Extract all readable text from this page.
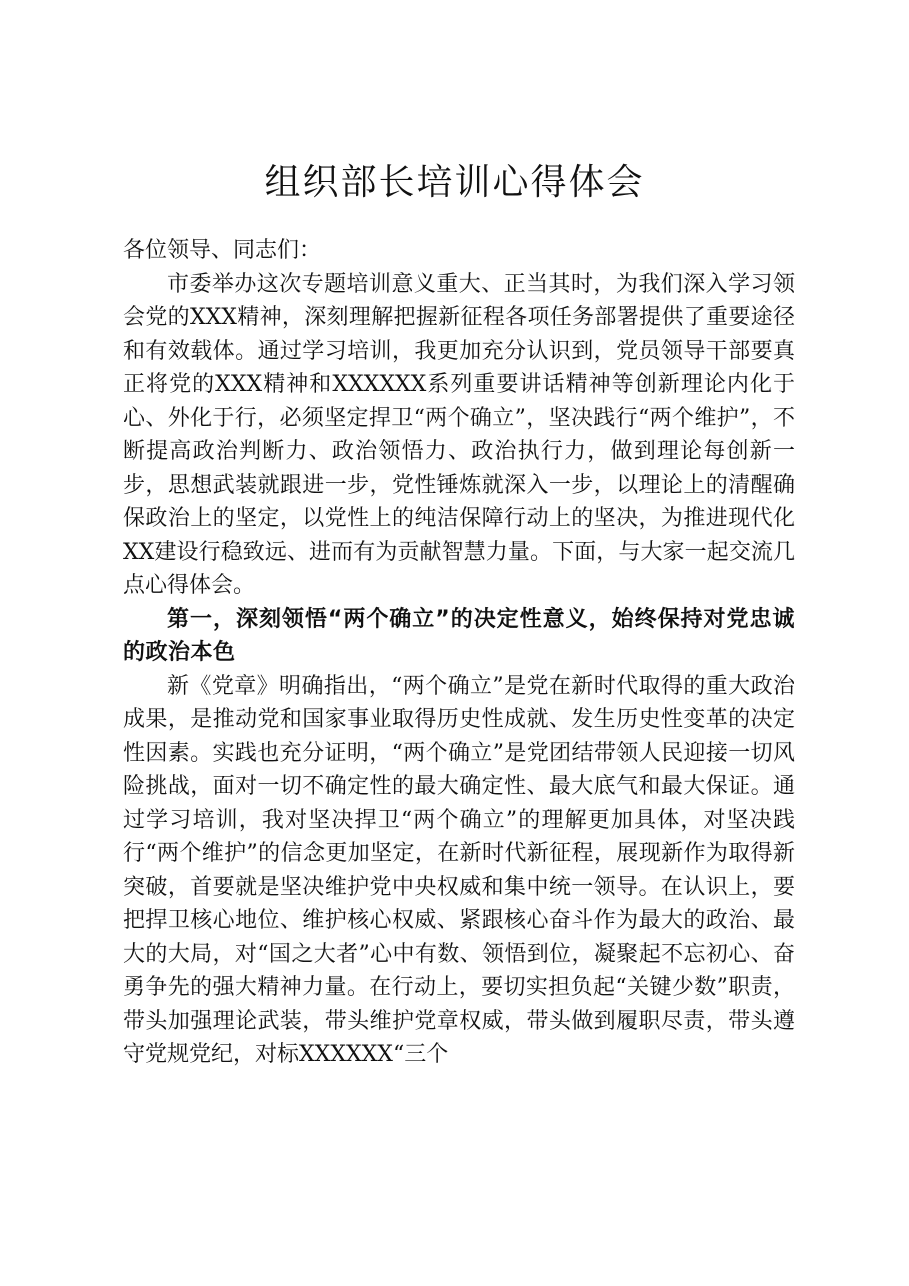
组织部长培训心得体会

各位领导、同志们：

市委举办这次专题培训意义重大、正当其时，为我们深入学习领会党的XXX精神，深刻理解把握新征程各项任务部署提供了重要途径和有效载体。通过学习培训，我更加充分认识到，党员领导干部要真正将党的XXX精神和XXXXXX系列重要讲话精神等创新理论内化于心、外化于行，必须坚定捍卫“两个确立”，坚决践行“两个维护”，不断提高政治判断力、政治领悟力、政治执行力，做到理论每创新一步，思想武装就跟进一步，党性锤炼就深入一步，以理论上的清醒确保政治上的坚定，以党性上的纯洁保障行动上的坚决，为推进现代化XX建设行稳致远、进而有为贡献智慧力量。下面，与大家一起交流几点心得体会。

第一，深刻领悟“两个确立”的决定性意义，始终保持对党忠诚的政治本色

新《党章》明确指出，“两个确立”是党在新时代取得的重大政治成果，是推动党和国家事业取得历史性成就、发生历史性变革的决定性因素。实践也充分证明，“两个确立”是党团结带领人民迎接一切风险挑战，面对一切不确定性的最大确定性、最大底气和最大保证。通过学习培训，我对坚决捍卫“两个确立”的理解更加具体，对坚决践行“两个维护”的信念更加坚定，在新时代新征程，展现新作为取得新突破，首要就是坚决维护党中央权威和集中统一领导。在认识上，要把捍卫核心地位、维护核心权威、紧跟核心奋斗作为最大的政治、最大的大局，对“国之大者”心中有数、领悟到位，凝聚起不忘初心、奋勇争先的强大精神力量。在行动上，要切实担负起“关键少数”职责，带头加强理论武装，带头维护党章权威，带头做到履职尽责，带头遵守党规党纪，对标XXXXXX“三个
